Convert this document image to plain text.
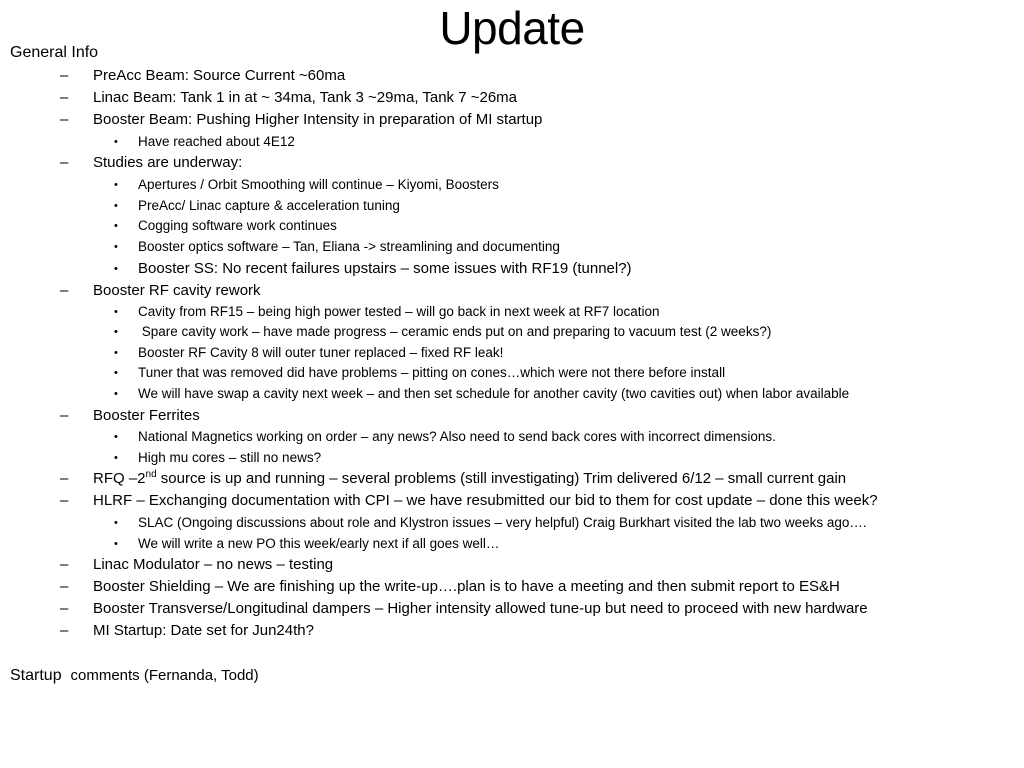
Update
General Info
– PreAcc Beam: Source Current ~60ma
– Linac Beam: Tank 1 in at ~ 34ma, Tank 3 ~29ma, Tank 7 ~26ma
– Booster Beam: Pushing Higher Intensity in preparation of MI startup
• Have reached about 4E12
– Studies are underway:
• Apertures / Orbit Smoothing will continue – Kiyomi, Boosters
• PreAcc/ Linac capture & acceleration tuning
• Cogging software work continues
• Booster optics software – Tan, Eliana -> streamlining and documenting
• Booster SS: No recent failures upstairs – some issues with RF19 (tunnel?)
– Booster RF cavity rework
• Cavity from RF15 – being high power tested – will go back in next week at RF7 location
• Spare cavity work – have made progress – ceramic ends put on and preparing to vacuum test (2 weeks?)
• Booster RF Cavity 8 will outer tuner replaced – fixed RF leak!
• Tuner that was removed did have problems – pitting on cones…which were not there before install
• We will have swap a cavity next week – and then set schedule for another cavity (two cavities out) when labor available
– Booster Ferrites
• National Magnetics working on order – any news? Also need to send back cores with incorrect dimensions.
• High mu cores – still no news?
– RFQ –2nd source is up and running – several problems (still investigating) Trim delivered 6/12 – small current gain
– HLRF – Exchanging documentation with CPI – we have resubmitted our bid to them for cost update – done this week?
• SLAC (Ongoing discussions about role and Klystron issues – very helpful) Craig Burkhart visited the lab two weeks ago….
• We will write a new PO this week/early next if all goes well…
– Linac Modulator – no news – testing
– Booster Shielding – We are finishing up the write-up….plan is to have a meeting and then submit report to ES&H
– Booster Transverse/Longitudinal dampers – Higher intensity allowed tune-up but need to proceed with new hardware
– MI Startup: Date set for Jun24th?
Startup comments (Fernanda, Todd)
